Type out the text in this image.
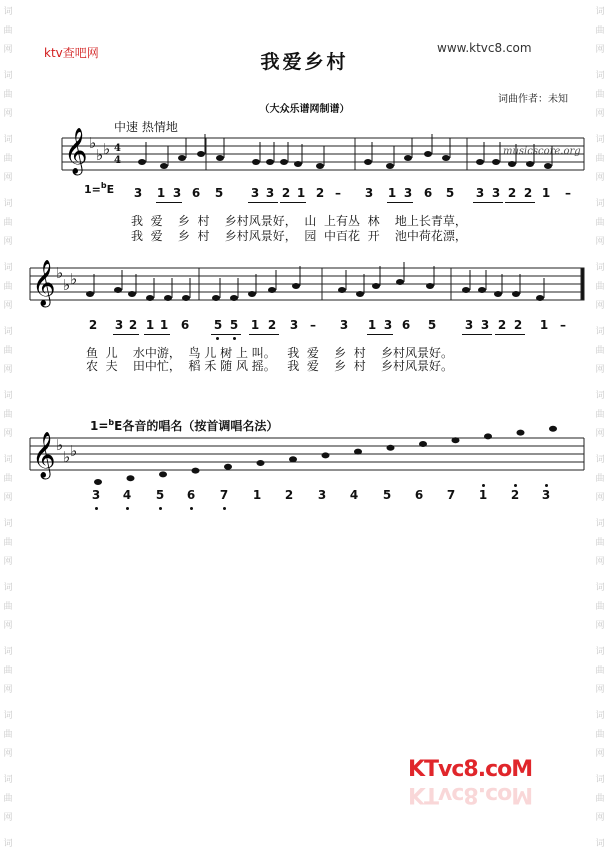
词
曲
网
词
曲
网
词
曲
网
词
曲
网
词
曲
网
词
曲
网
词
曲
网
词
曲
网
词
曲
网
词
曲
网
词
曲
网
词
曲
网
词
曲
网
词
词
曲
网
词
曲
网
词
曲
网
词
曲
网
词
曲
网
词
曲
网
词
曲
网
词
曲
网
词
曲
网
词
曲
网
词
曲
网
词
曲
网
词
曲
网
词
ktv查吧网	我爱乡村
www.ktvc8.com
（大众乐谱网制谱）
词曲作者：未知
中速 热情地
musicscore.org
𝄞
𝄞
𝄞
♭
♭ ♭
♭
♭ ♭
♭
♭ ♭
4
4
1=$^b$E
1=$^b$E各音的唱名（按首调唱名法）
3 1 3 6 5 3 3 2 1 2 –	3 1 3 6 5 3 3 2 2 1	–
2 3 2 1 1 6 5 5 1 2 3 –	3 1 3 6 5 3 3 2 2 1 –
3 4 5 6 7 1 2 3 4 5 6 7 1 2 3
我  爱    乡  村    乡村风景好，  山  上有丛  林    地上长青草，
我  爱    乡  村    乡村风景好，  园  中百花  开    池中荷花漂，
鱼  儿    水中游，  鸟 儿 树 上 叫。   我  爱    乡  村    乡村风景好。
农  夫    田中忙，  稻 禾 随 风 摇。   我  爱    乡  村    乡村风景好。
KTvc8.coM
KTvc8.coM
